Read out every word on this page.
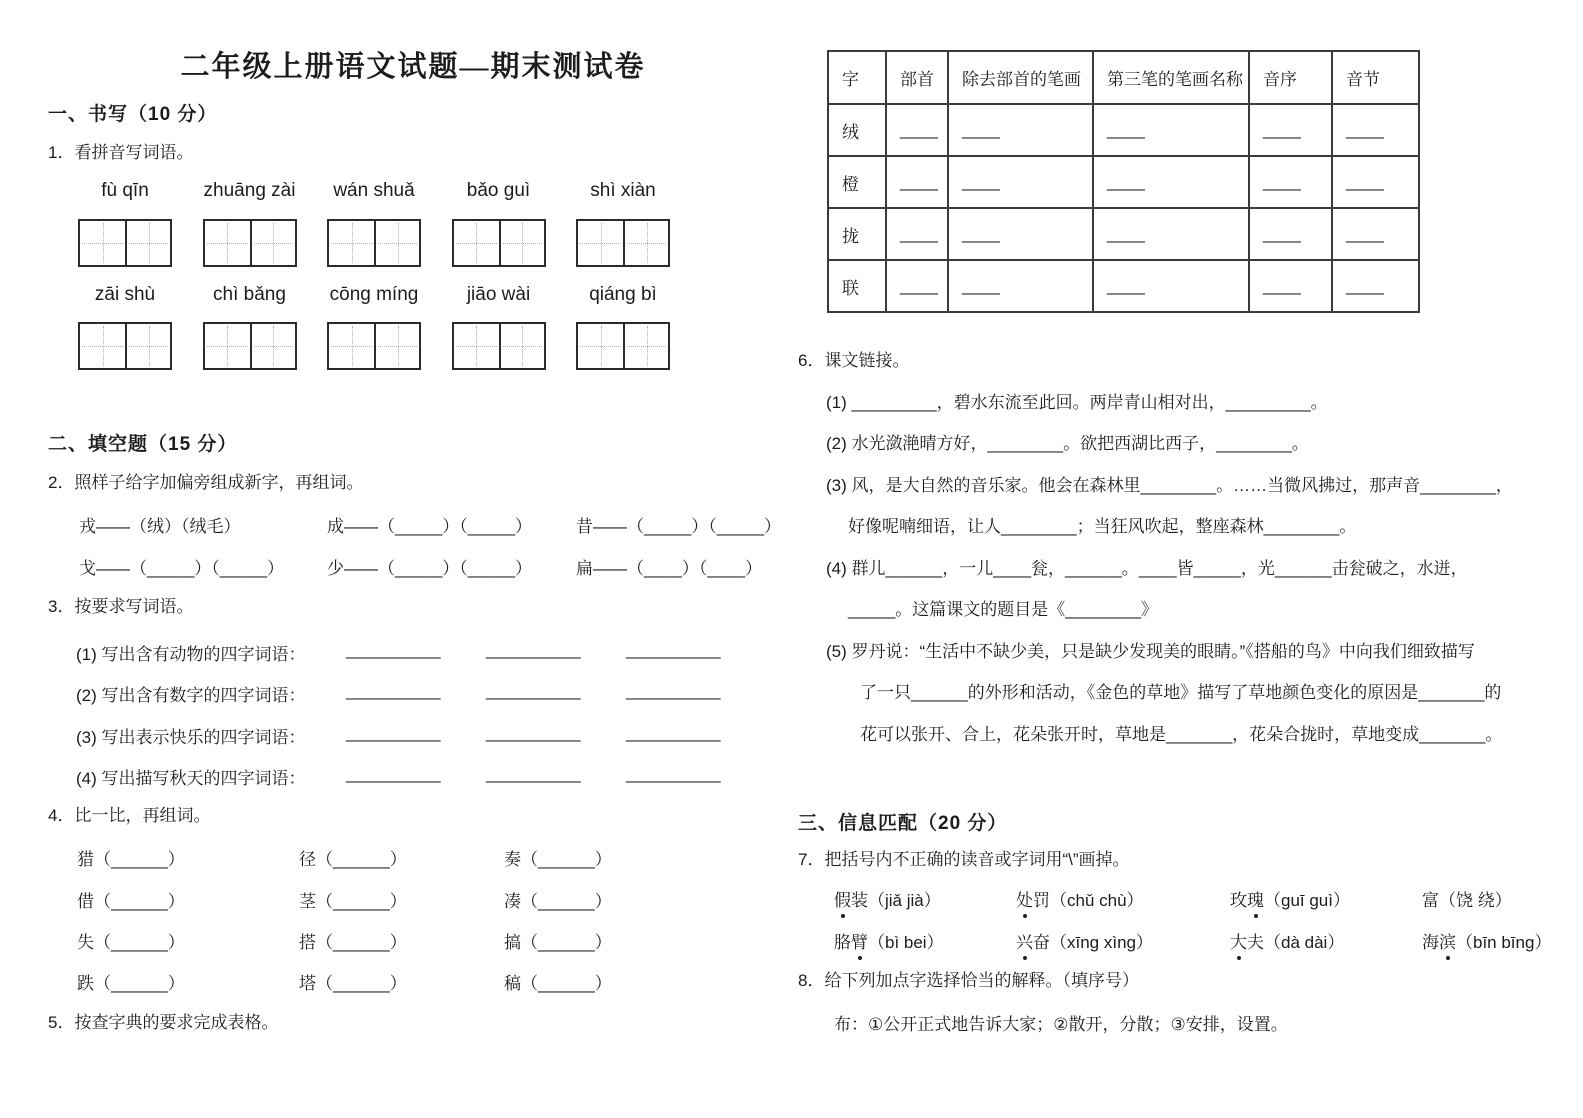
二年级上册语文试题—期末测试卷
一、书写（10 分）
1．看拼音写词语。
fù qīn	zhuāng zài	wán shuǎ	bǎo guì	shì xiàn
zāi shù	chì bǎng	cōng míng	jiāo wài	qiáng bì
二、填空题（15 分）
2．照样子给字加偏旁组成新字，再组词。
戎——（绒）（绒毛）	成——（_____）（_____）	昔——（_____）（_____）
戈——（_____）（_____）	少——（_____）（_____）	扁——（____）（____）
3．按要求写词语。
(1) 写出含有动物的四字词语：	__________	__________	__________
(2) 写出含有数字的四字词语：	__________	__________	__________
(3) 写出表示快乐的四字词语：	__________	__________	__________
(4) 写出描写秋天的四字词语：	__________	__________	__________
4．比一比，再组词。
猎（______）	径（______）	奏（______）
借（______）	茎（______）	凑（______）
失（______）	搭（______）	搞（______）
跌（______）	塔（______）	稿（______）
5．按查字典的要求完成表格。
字	部首	除去部首的笔画	第三笔的笔画名称	音序	音节
绒	____	____	____	____	____
橙	____	____	____	____	____
拢	____	____	____	____	____
联	____	____	____	____	____
6．课文链接。
(1) _________，碧水东流至此回。两岸青山相对出，_________。
(2) 水光潋滟晴方好，________。欲把西湖比西子，________。
(3) 风，是大自然的音乐家。他会在森林里________。……当微风拂过，那声音________，
好像呢喃细语，让人________；当狂风吹起，整座森林________。
(4) 群儿______，一儿____瓮，______。____皆_____，光______击瓮破之，水迸，
_____。这篇课文的题目是《________》
(5) 罗丹说：“生活中不缺少美，只是缺少发现美的眼睛。”《搭船的鸟》中向我们细致描写
了一只______的外形和活动，《金色的草地》描写了草地颜色变化的原因是_______的
花可以张开、合上，花朵张开时，草地是_______，花朵合拢时，草地变成_______。
三、信息匹配（20 分）
7．把括号内不正确的读音或字词用“\”画掉。
假装（jiǎ jià）	处罚（chǔ chù）	玫瑰（guī guì）	富（饶 绕）
胳臂（bì bei）	兴奋（xīng xìng）	大夫（dà dài）	海滨（bīn bīng）
8．给下列加点字选择恰当的解释。（填序号）
布：①公开正式地告诉大家；②散开，分散；③安排，设置。
